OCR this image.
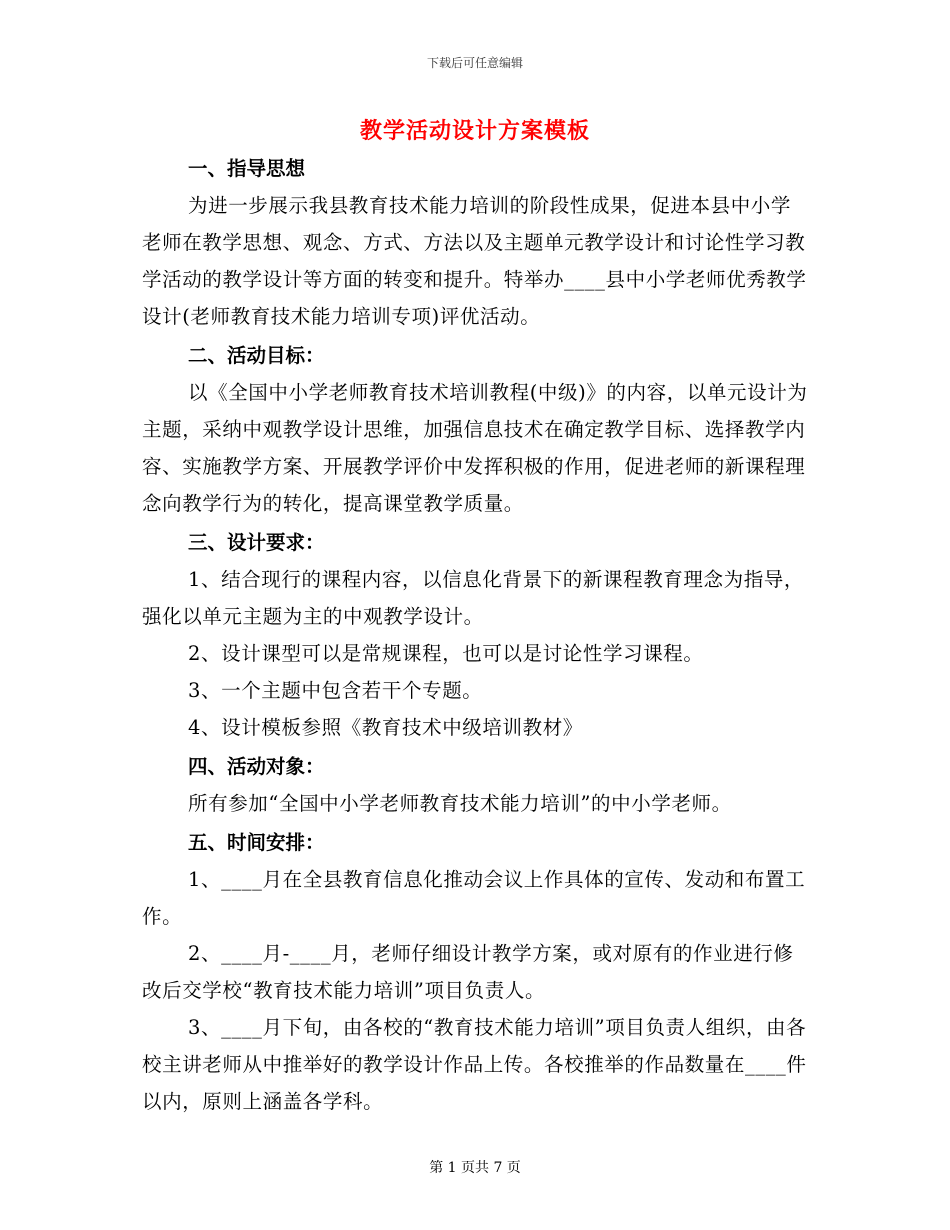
下载后可任意编辑
教学活动设计方案模板

一、指导思想

为进一步展示我县教育技术能力培训的阶段性成果，促进本县中小学老师在教学思想、观念、方式、方法以及主题单元教学设计和讨论性学习教学活动的教学设计等方面的转变和提升。特举办____县中小学老师优秀教学设计(老师教育技术能力培训专项)评优活动。

二、活动目标：

以《全国中小学老师教育技术培训教程(中级)》的内容，以单元设计为主题，采纳中观教学设计思维，加强信息技术在确定教学目标、选择教学内容、实施教学方案、开展教学评价中发挥积极的作用，促进老师的新课程理念向教学行为的转化，提高课堂教学质量。

三、设计要求：

1、结合现行的课程内容，以信息化背景下的新课程教育理念为指导，强化以单元主题为主的中观教学设计。

2、设计课型可以是常规课程，也可以是讨论性学习课程。

3、一个主题中包含若干个专题。

4、设计模板参照《教育技术中级培训教材》

四、活动对象：

所有参加“全国中小学老师教育技术能力培训”的中小学老师。

五、时间安排：

1、____月在全县教育信息化推动会议上作具体的宣传、发动和布置工作。

2、____月-____月，老师仔细设计教学方案，或对原有的作业进行修改后交学校“教育技术能力培训”项目负责人。

3、____月下旬，由各校的“教育技术能力培训”项目负责人组织，由各校主讲老师从中推举好的教学设计作品上传。各校推举的作品数量在____件以内，原则上涵盖各学科。

第 1 页共 7 页
